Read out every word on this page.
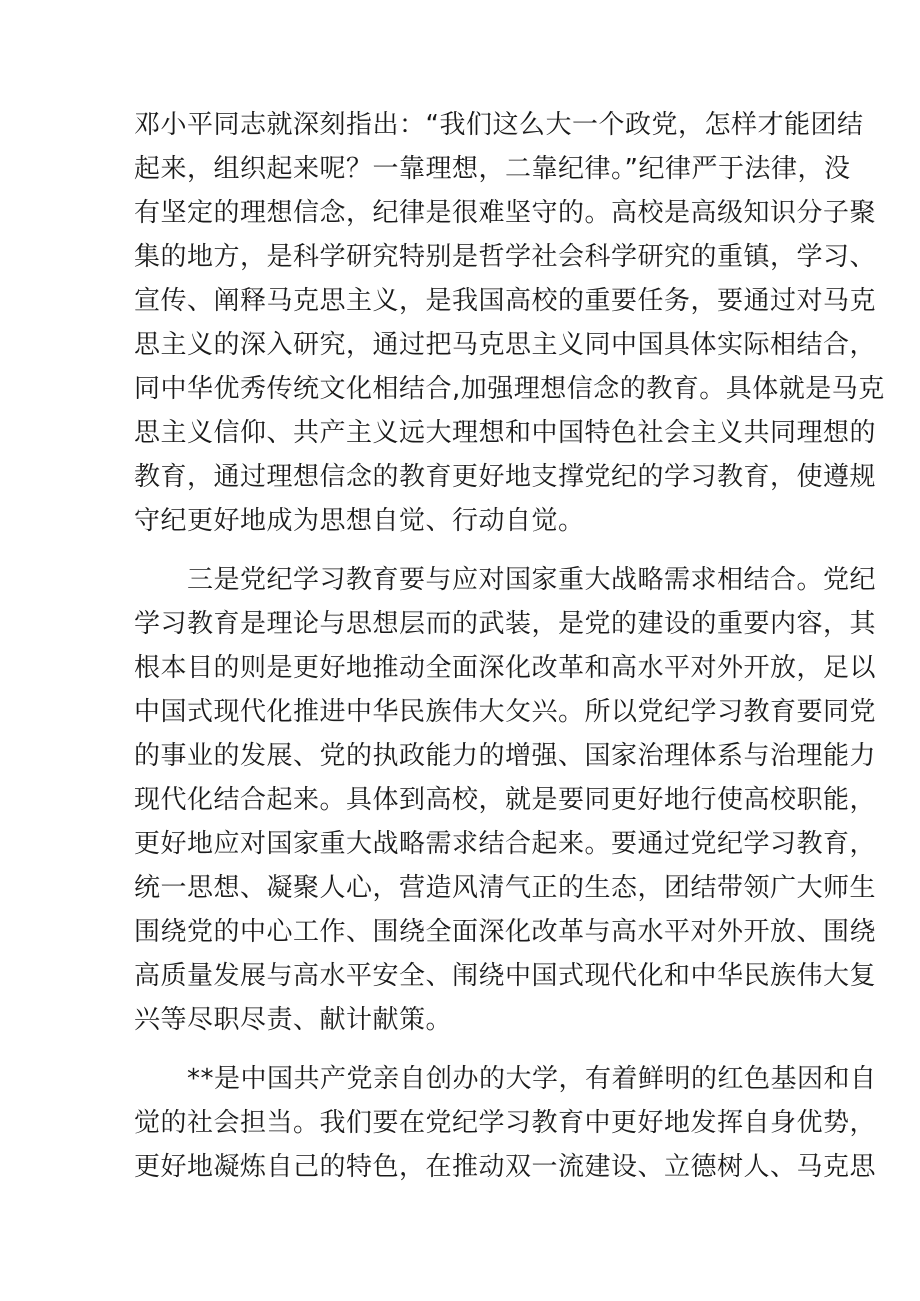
邓小平同志就深刻指出：“我们这么大一个政党，怎样才能团结
起来，组织起来呢？一靠理想，二靠纪律。”纪律严于法律，没
有坚定的理想信念，纪律是很难坚守的。高校是高级知识分子聚
集的地方，是科学研究特别是哲学社会科学研究的重镇，学习、
宣传、阐释马克思主义，是我国高校的重要任务，要通过对马克
思主义的深入研究，通过把马克思主义同中国具体实际相结合，
同中华优秀传统文化相结合,加强理想信念的教育。具体就是马克
思主义信仰、共产主义远大理想和中国特色社会主义共同理想的
教育，通过理想信念的教育更好地支撑党纪的学习教育，使遵规
守纪更好地成为思想自觉、行动自觉。
　　三是党纪学习教育要与应对国家重大战略需求相结合。党纪
学习教育是理论与思想层而的武装，是党的建设的重要内容，其
根本目的则是更好地推动全面深化改革和高水平对外开放，足以
中国式现代化推进中华民族伟大攵兴。所以党纪学习教育要同党
的事业的发展、党的执政能力的增强、国家治理体系与治理能力
现代化结合起来。具体到高校，就是要同更好地行使高校职能，
更好地应对国家重大战略需求结合起来。要通过党纪学习教育，
统一思想、凝聚人心，营造风清气正的生态，团结带领广大师生
围绕党的中心工作、围绕全面深化改革与高水平对外开放、围绕
高质量发展与高水平安全、闱绕中国式现代化和中华民族伟大复
兴等尽职尽责、献计献策。
　　**是中国共产党亲自创办的大学，有着鲜明的红色基因和自
觉的社会担当。我们要在党纪学习教育中更好地发挥自身优势，
更好地凝炼自己的特色，在推动双一流建设、立德树人、马克思
